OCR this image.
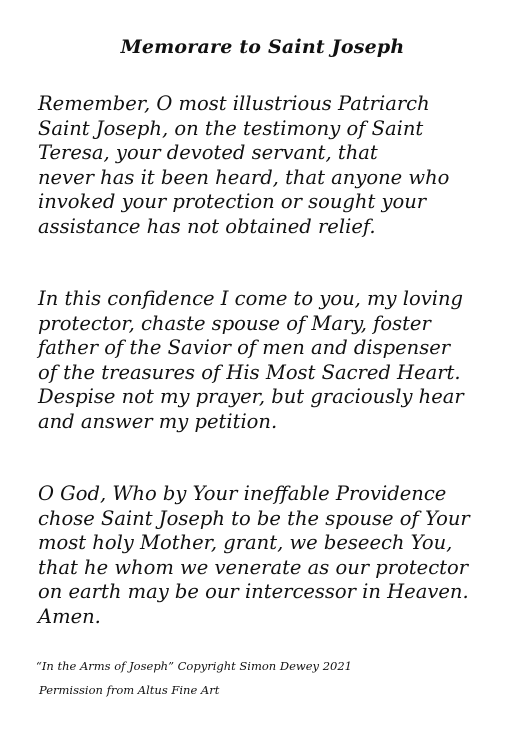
Memorare to Saint Joseph
Remember, O most illustrious Patriarch
Saint Joseph, on the testimony of Saint
Teresa, your devoted servant, that
never has it been heard, that anyone who
invoked your protection or sought your
assistance has not obtained relief.
In this confidence I come to you, my loving
protector, chaste spouse of Mary, foster
father of the Savior of men and dispenser
of the treasures of His Most Sacred Heart.
Despise not my prayer, but graciously hear
and answer my petition.
O God, Who by Your ineffable Providence
chose Saint Joseph to be the spouse of Your
most holy Mother, grant, we beseech You,
that he whom we venerate as our protector
on earth may be our intercessor in Heaven.
Amen.
“In the Arms of Joseph” Copyright Simon Dewey 2021
Permission from Altus Fine Art
